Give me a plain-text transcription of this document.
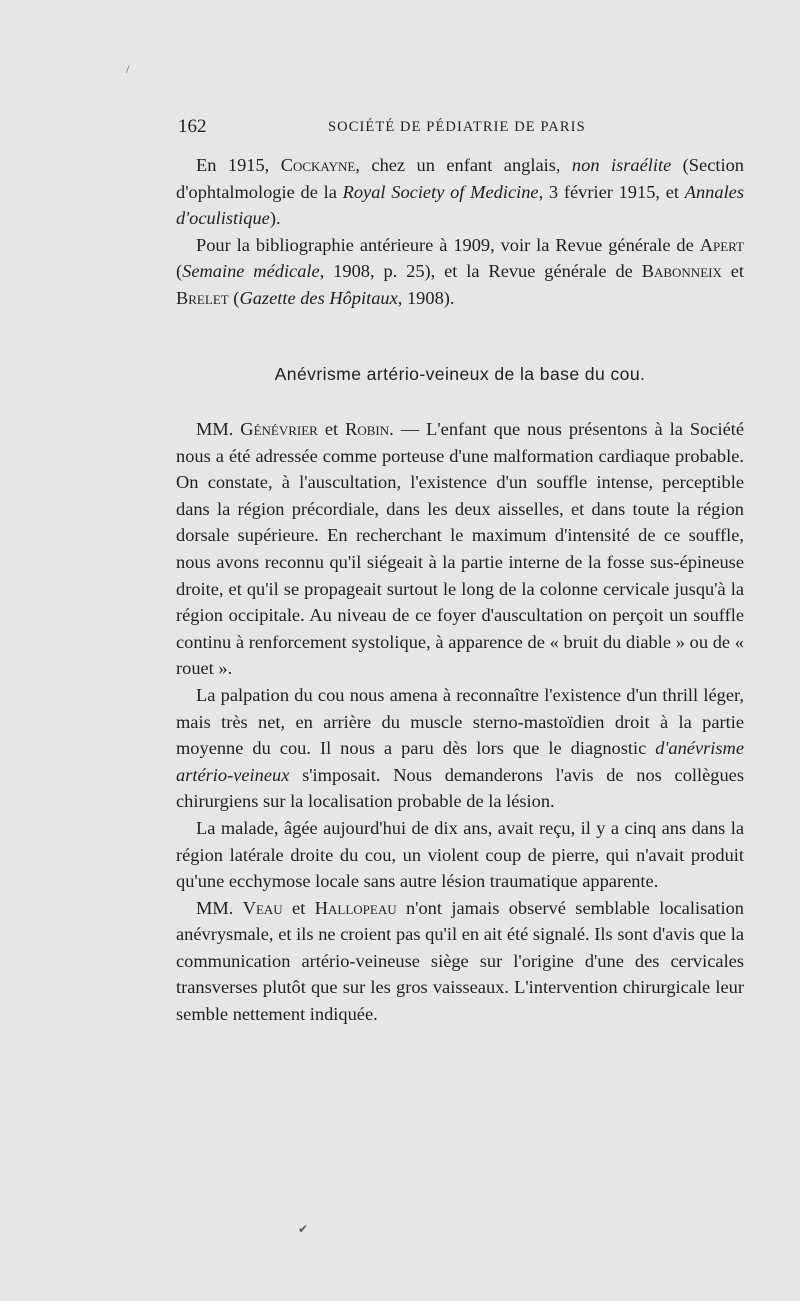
/
✔
162	SOCIÉTÉ DE PÉDIATRIE DE PARIS

En 1915, Cockayne, chez un enfant anglais, non israélite (Section d'ophtalmologie de la Royal Society of Medicine, 3 février 1915, et Annales d'oculistique).

Pour la bibliographie antérieure à 1909, voir la Revue générale de Apert (Semaine médicale, 1908, p. 25), et la Revue générale de Babonneix et Brelet (Gazette des Hôpitaux, 1908).

Anévrisme artério-veineux de la base du cou.

MM. Génévrier et Robin. — L'enfant que nous présentons à la Société nous a été adressée comme porteuse d'une malformation cardiaque probable. On constate, à l'auscultation, l'existence d'un souffle intense, perceptible dans la région précordiale, dans les deux aisselles, et dans toute la région dorsale supérieure. En recherchant le maximum d'intensité de ce souffle, nous avons reconnu qu'il siégeait à la partie interne de la fosse sus-épineuse droite, et qu'il se propageait surtout le long de la colonne cervicale jusqu'à la région occipitale. Au niveau de ce foyer d'auscultation on perçoit un souffle continu à renforcement systolique, à apparence de « bruit du diable » ou de « rouet ».

La palpation du cou nous amena à reconnaître l'existence d'un thrill léger, mais très net, en arrière du muscle sterno-mastoïdien droit à la partie moyenne du cou. Il nous a paru dès lors que le diagnostic d'anévrisme artério-veineux s'imposait. Nous demanderons l'avis de nos collègues chirurgiens sur la localisation probable de la lésion.

La malade, âgée aujourd'hui de dix ans, avait reçu, il y a cinq ans dans la région latérale droite du cou, un violent coup de pierre, qui n'avait produit qu'une ecchymose locale sans autre lésion traumatique apparente.

MM. Veau et Hallopeau n'ont jamais observé semblable localisation anévrysmale, et ils ne croient pas qu'il en ait été signalé. Ils sont d'avis que la communication artério-veineuse siège sur l'origine d'une des cervicales transverses plutôt que sur les gros vaisseaux. L'intervention chirurgicale leur semble nettement indiquée.
